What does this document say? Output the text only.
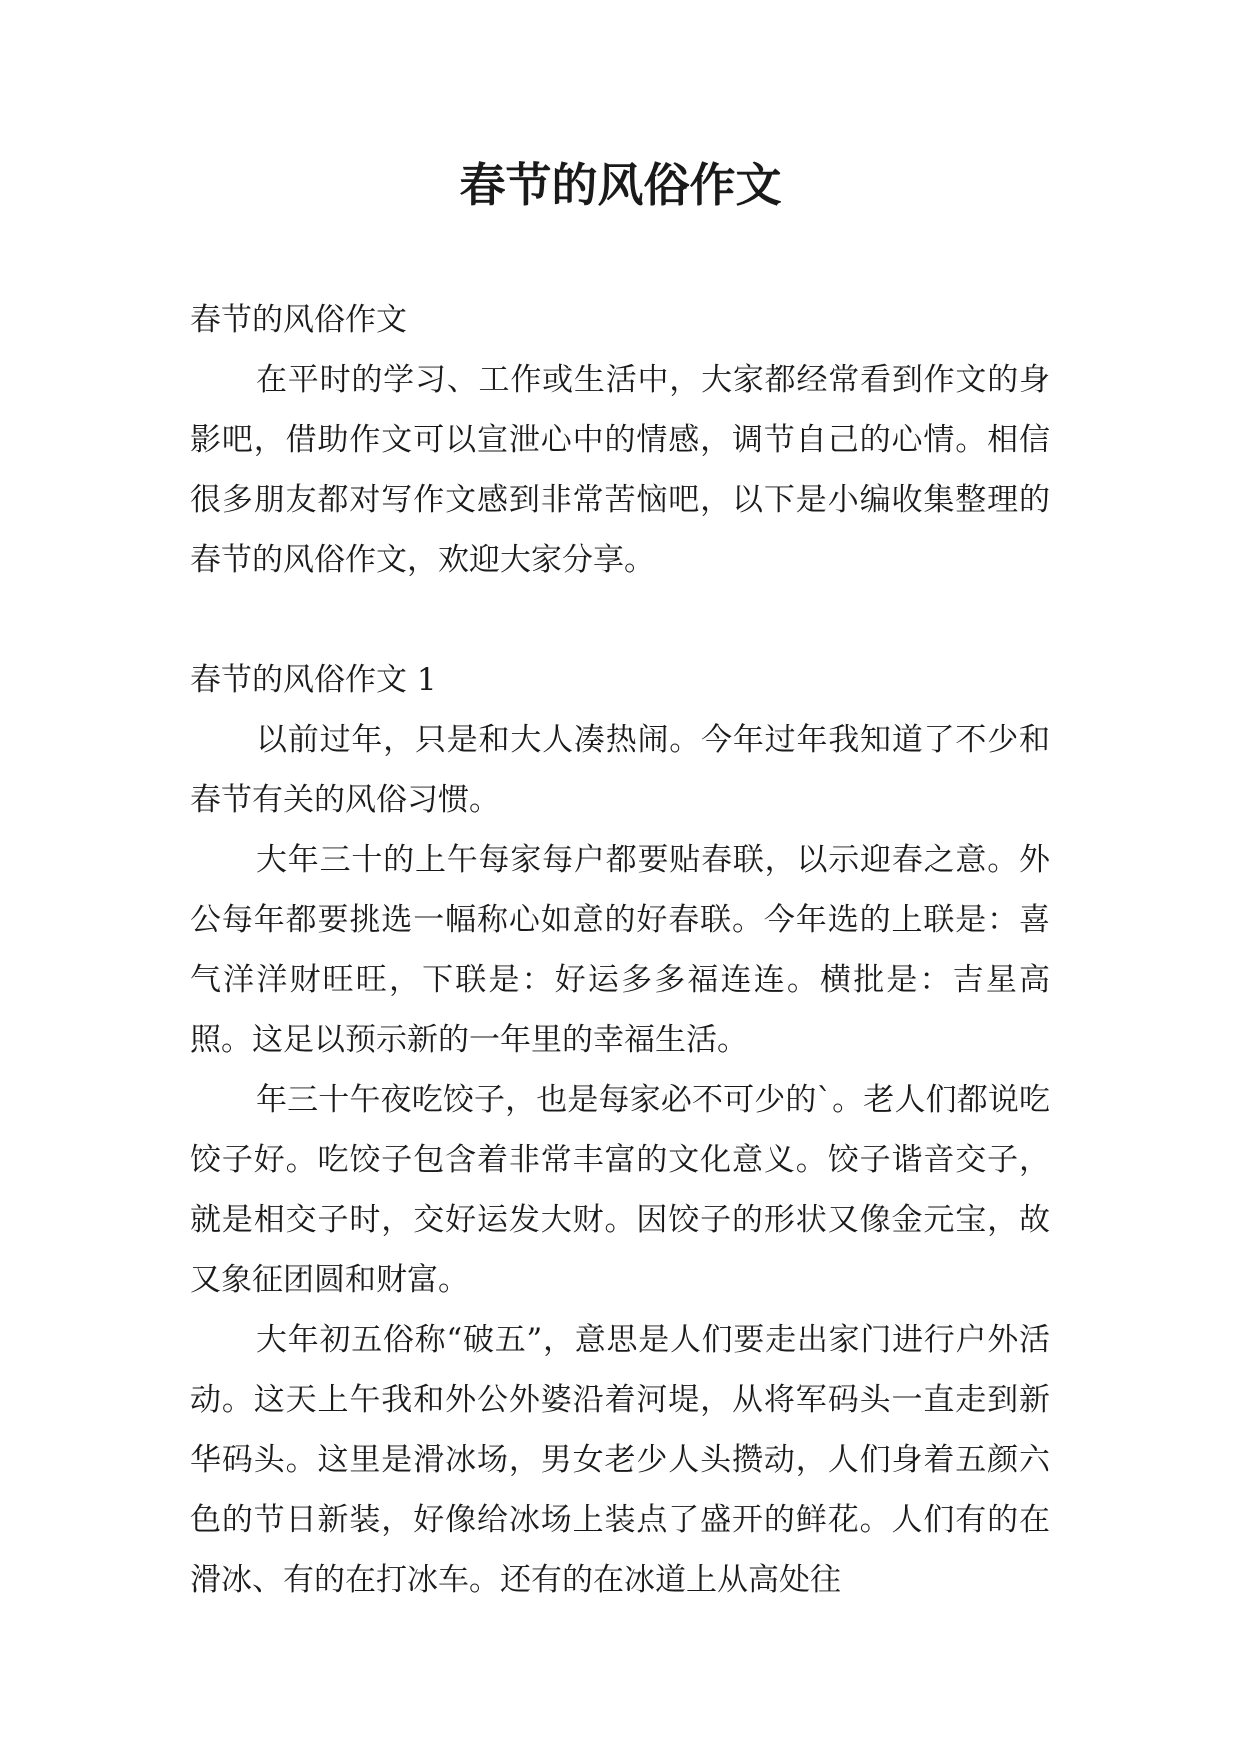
春节的风俗作文

春节的风俗作文

在平时的学习、工作或生活中，大家都经常看到作文的身影吧，借助作文可以宣泄心中的情感，调节自己的心情。相信很多朋友都对写作文感到非常苦恼吧，以下是小编收集整理的春节的风俗作文，欢迎大家分享。

春节的风俗作文 1

以前过年，只是和大人凑热闹。今年过年我知道了不少和春节有关的风俗习惯。

大年三十的上午每家每户都要贴春联，以示迎春之意。外公每年都要挑选一幅称心如意的好春联。今年选的上联是：喜气洋洋财旺旺，下联是：好运多多福连连。横批是：吉星高照。这足以预示新的一年里的幸福生活。

年三十午夜吃饺子，也是每家必不可少的`。老人们都说吃饺子好。吃饺子包含着非常丰富的文化意义。饺子谐音交子，就是相交子时，交好运发大财。因饺子的形状又像金元宝，故又象征团圆和财富。

大年初五俗称“破五”，意思是人们要走出家门进行户外活动。这天上午我和外公外婆沿着河堤，从将军码头一直走到新华码头。这里是滑冰场，男女老少人头攒动，人们身着五颜六色的节日新装，好像给冰场上装点了盛开的鲜花。人们有的在滑冰、有的在打冰车。还有的在冰道上从高处往
